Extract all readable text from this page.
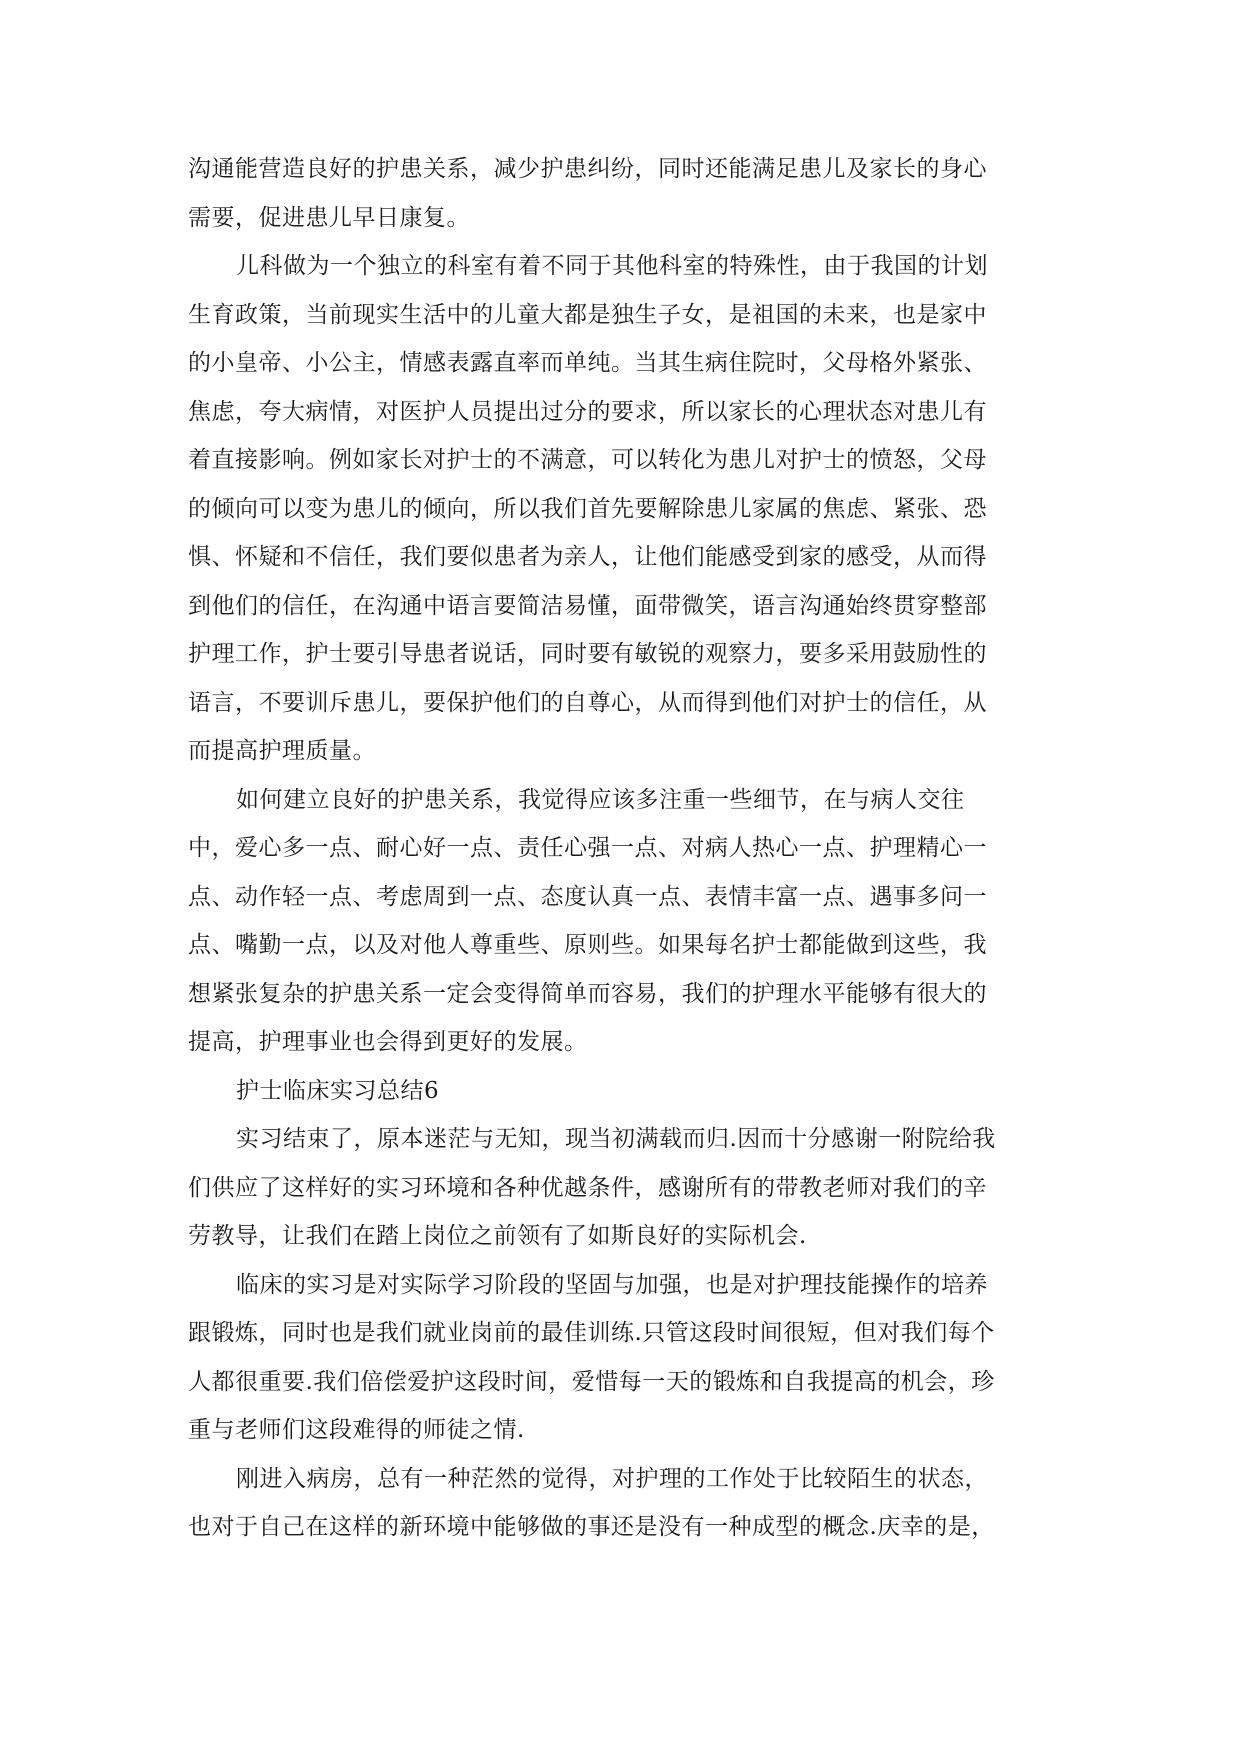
沟通能营造良好的护患关系，减少护患纠纷，同时还能满足患儿及家长的身心
需要，促进患儿早日康复。

儿科做为一个独立的科室有着不同于其他科室的特殊性，由于我国的计划
生育政策，当前现实生活中的儿童大都是独生子女，是祖国的未来，也是家中
的小皇帝、小公主，情感表露直率而单纯。当其生病住院时，父母格外紧张、
焦虑，夸大病情，对医护人员提出过分的要求，所以家长的心理状态对患儿有
着直接影响。例如家长对护士的不满意，可以转化为患儿对护士的愤怒，父母
的倾向可以变为患儿的倾向，所以我们首先要解除患儿家属的焦虑、紧张、恐
惧、怀疑和不信任，我们要似患者为亲人，让他们能感受到家的感受，从而得
到他们的信任，在沟通中语言要简洁易懂，面带微笑，语言沟通始终贯穿整部
护理工作，护士要引导患者说话，同时要有敏锐的观察力，要多采用鼓励性的
语言，不要训斥患儿，要保护他们的自尊心，从而得到他们对护士的信任，从
而提高护理质量。

如何建立良好的护患关系，我觉得应该多注重一些细节，在与病人交往
中，爱心多一点、耐心好一点、责任心强一点、对病人热心一点、护理精心一
点、动作轻一点、考虑周到一点、态度认真一点、表情丰富一点、遇事多问一
点、嘴勤一点，以及对他人尊重些、原则些。如果每名护士都能做到这些，我
想紧张复杂的护患关系一定会变得简单而容易，我们的护理水平能够有很大的
提高，护理事业也会得到更好的发展。

护士临床实习总结6

实习结束了，原本迷茫与无知，现当初满载而归.因而十分感谢一附院给我
们供应了这样好的实习环境和各种优越条件，感谢所有的带教老师对我们的辛
劳教导，让我们在踏上岗位之前领有了如斯良好的实际机会.

临床的实习是对实际学习阶段的坚固与加强，也是对护理技能操作的培养
跟锻炼，同时也是我们就业岗前的最佳训练.只管这段时间很短，但对我们每个
人都很重要.我们倍偿爱护这段时间，爱惜每一天的锻炼和自我提高的机会，珍
重与老师们这段难得的师徒之情.

刚进入病房，总有一种茫然的觉得，对护理的工作处于比较陌生的状态，
也对于自己在这样的新环境中能够做的事还是没有一种成型的概念.庆幸的是，
